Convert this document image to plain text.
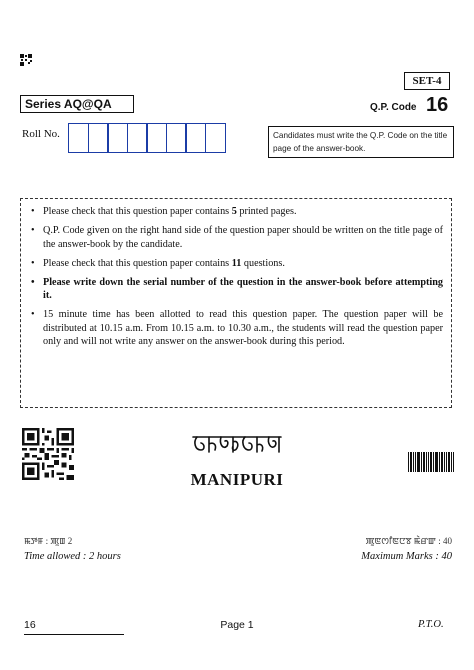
SET-4
Series AQ@QA	Q.P. Code 16
Roll No.	Candidates must write the Q.P. Code on the title page of the answer-book.
• Please check that this question paper contains 5 printed pages.
• Q.P. Code given on the right hand side of the question paper should be written on the title page of the answer-book by the candidate.
• Please check that this question paper contains 11 questions.
• Please write down the serial number of the question in the answer-book before attempting it.
• 15 minute time has been allotted to read this question paper. The question paper will be distributed at 10.15 a.m. From 10.15 a.m. to 10.30 a.m., the students will read the question paper only and will not write any answer on the answer-book during this period.
MANIPURI
ꯃꯇꯝ : ꯄꯨꯡ 2	ꯄꯨꯟꯁꯤꯟꯅꯕ ꯃꯥꯔꯛ : 40
Time allowed : 2 hours	Maximum Marks : 40
16	Page 1	P.T.O.
